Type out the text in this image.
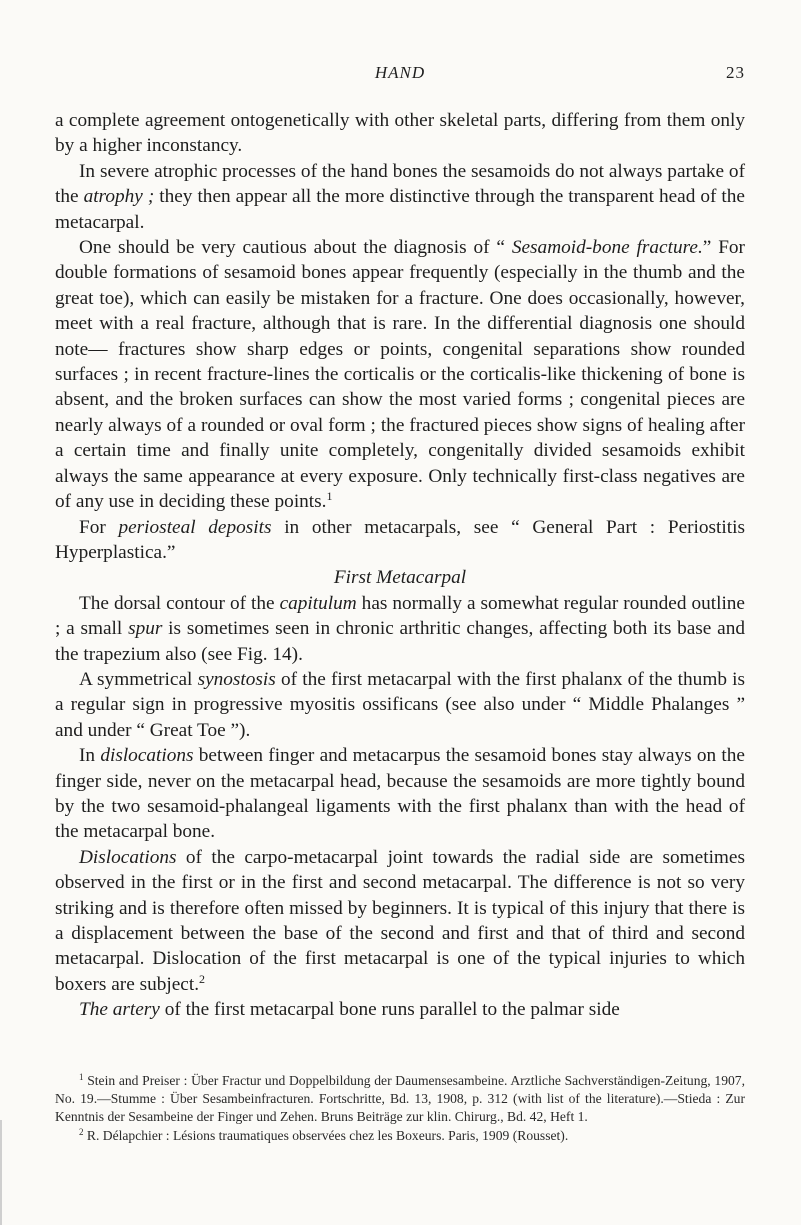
HAND	23

a complete agreement ontogenetically with other skeletal parts, differing from them only by a higher inconstancy.

In severe atrophic processes of the hand bones the sesamoids do not always partake of the atrophy ; they then appear all the more distinctive through the transparent head of the metacarpal.

One should be very cautious about the diagnosis of “ Sesamoid-bone fracture.” For double formations of sesamoid bones appear frequently (especially in the thumb and the great toe), which can easily be mistaken for a fracture. One does occasionally, however, meet with a real fracture, although that is rare. In the differential diagnosis one should note— fractures show sharp edges or points, congenital separations show rounded surfaces ; in recent fracture-lines the corticalis or the corticalis-like thickening of bone is absent, and the broken surfaces can show the most varied forms ; congenital pieces are nearly always of a rounded or oval form ; the fractured pieces show signs of healing after a certain time and finally unite completely, congenitally divided sesamoids exhibit always the same appearance at every exposure. Only technically first-class negatives are of any use in deciding these points.$^1$

For periosteal deposits in other metacarpals, see “ General Part : Periostitis Hyperplastica.”

First Metacarpal

The dorsal contour of the capitulum has normally a somewhat regular rounded outline ; a small spur is sometimes seen in chronic arthritic changes, affecting both its base and the trapezium also (see Fig. 14).

A symmetrical synostosis of the first metacarpal with the first phalanx of the thumb is a regular sign in progressive myositis ossificans (see also under “ Middle Phalanges ” and under “ Great Toe ”).

In dislocations between finger and metacarpus the sesamoid bones stay always on the finger side, never on the metacarpal head, because the sesamoids are more tightly bound by the two sesamoid-phalangeal ligaments with the first phalanx than with the head of the metacarpal bone.

Dislocations of the carpo-metacarpal joint towards the radial side are sometimes observed in the first or in the first and second metacarpal. The difference is not so very striking and is therefore often missed by beginners. It is typical of this injury that there is a displacement between the base of the second and first and that of third and second metacarpal. Dislocation of the first metacarpal is one of the typical injuries to which boxers are subject.$^2$

The artery of the first metacarpal bone runs parallel to the palmar side

$^1$ Stein and Preiser : Über Fractur und Doppelbildung der Daumensesambeine. Arztliche Sachverständigen-Zeitung, 1907, No. 19.—Stumme : Über Sesambeinfracturen. Fortschritte, Bd. 13, 1908, p. 312 (with list of the literature).—Stieda : Zur Kenntnis der Sesambeine der Finger und Zehen. Bruns Beiträge zur klin. Chirurg., Bd. 42, Heft 1.

$^2$ R. Délapchier : Lésions traumatiques observées chez les Boxeurs. Paris, 1909 (Rousset).
